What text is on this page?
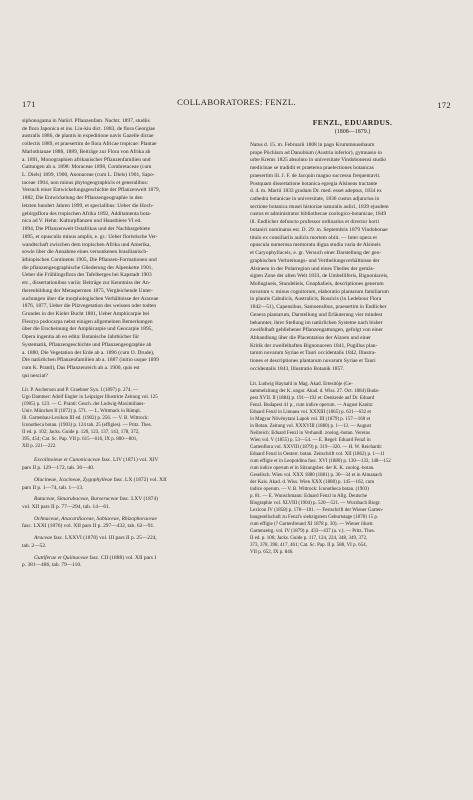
171	COLLABORATORES: FENZL.	172
siphonogama in Natürl. Pflanzenfam. Nachtr. 1897, studiis
de flora Japonica et ins. Liu-kiu dict. 1883, de flora Georgiae
australis 1886, de plantis in expeditione navis Gazelle dictae
collectis 1889, et praesertim de flora Africae tropicae: Plantae
Marlothianae 1888, 1889, Beiträge zur Flora von Afrika ab
a. 1891, Monographien afrikanischer Pflanzenfamilien und
Gattungen ab a. 1898: Moraceae 1898, Combretaceae (cum
L. Diels) 1899, 1900, Anonaceae (cum L. Diels) 1901, Sapo-
taceae 1904, non minus phytogeographicis et generalibus:
Versuch einer Entwickelungsgeschichte der Pflanzenwelt 1879,
1882, Die Entwickelung der Pflanzengeographie in den
letzten hundert Jahren 1899, et specialibus: Ueber die Hoch-
gebirgsflora des tropischen Afrika 1892, Additamenta bota-
nica ad V. Hehn: Kulturpflanzen und Hausthiere VI ed.
1894, Die Pflanzenwelt Ostafrikas und der Nachbargebiete
1895, et opusculis minus amplis, e. gr.: Ueber floristische Ver-
wandtschaft zwischen dem tropischen Afrika und Amerika,
sowie über die Annahme eines versunkenen brasilianisch-
äthiopischen Continents 1905, Die Pflanzen-Formationen und
die pflanzengeographische Gliederung der Alpenkette 1901,
Ueber die Frühlingsflora des Tafelberges bei Kapstadt 1903
etc., dissertationibus variis: Beiträge zur Kenntniss der An-
therenbildung der Metaspermen 1875, Vergleichende Unter-
suchungen über die morphologischen Verhältnisse der Araceae
1876, 1877, Ueber die Pilzvegetation des weissen oder todten
Grundes in der Kieler Bucht 1881, Ueber Amphicarpie bei
Fleurya podocarpa nebst einigen allgemeinen Bemerkungen
über die Erscheinung der Amphicarpie und Geocarpie 1895,
Opera ingentia ab eo edita: Botanische Jahrbücher für
Systematik, Pflanzengeschichte und Pflanzengeographie ab
a. 1880, Die Vegetation der Erde ab a. 1896 (cum O. Drude),
Die natürlichen Pflanzenfamilien ab a. 1887 (initio usque 1899
cum K. Prantl), Das Pflanzenreich ab a. 1900, quis est
qui nesciat?
Lit. P. Ascherson and P. Graebner Syn. I (1897) p. 274. —
Ugo Dammer: Adolf Engler in Leipziger Illustrirte Zeitung vol. 125
(1905) p. 123. — C. Prantl: Gesch. der Ludwig-Maximilians-
Univ. München II (1872) p. 571. — L. Wittmack in Rümpl.
Ill. Gartenbau-Lexikon III ed. (1902) p. 256. — V. B. Wittrock:
Iconotheca botan. (1903) p. 124 tab. 25 (effigies). — Pritz. Thes.
II ed. p. 102; Jacks. Guide p. 120, 123, 137, 143, 178, 372,
395, 454; Cat. Sc. Pap. VII p. 615—616, IX p. 800—801,
XII p. 221—222.
Excolinoieae et Cunonicaceae fasc. LIV (1871) vol. XIV
pars II p. 129—172, tab. 36—40.
Olacineae, Icacineae, Zygophylleae fasc. LX (1872) vol. XII
pars II p. 1—74, tab. 1—13.
Rutaceae, Simarubaceae, Burseraceae fasc. LXV (1874)
vol. XII pars II p. 77—294, tab. 14—61.
Ochnaceae, Anacardiaceae, Sabiaceae, Rhizophoraceae
fasc. LXXI (1876) vol. XII pars II p. 297—432, tab. 62—91.
Araceae fasc. LXXVI (1878) vol. III pars II p. 25—224,
tab. 2—52.
Guttiferae et Quiinaceae fasc. CII (1888) vol. XII pars I
p. 381—486, tab. 79—110.
FENZL, EDUARDUS.
(1808—1879.)
Natus d. 15. m. Februarii 1808 in pago Krummnussbaum
prope Pöchlarn ad Danubium (Austria inferior), gymnasio in
urbe Krems 1825 absoluto in universitate Vindobonensi studio
medicinae se tradidit et praeterea praelectiones botanicas
praesertim ill. J. F. de Jacquin magno successu frequentavit.
Postquam dissertatione botanica egregia Alsineas tractante
d. 4. m. Martii 1833 gradum Dr. med. esset adeptus, 1834 ex
cathedra botanicae in universitate, 1836 custos adjunctus in
sectione botanica musei historiae naturalis aulici, 1839 ejusdem
custos et administrator bibliothecae zoologico-botanicae, 1849
ill. Endlicher defuncto professor ordinarius et director horti
botanici nominatus est. D. 29. m. Septembris 1879 Vindobonae
titulo ex consiliariis aulicis mortem obiit. — Inter opera et
opuscula numerosa memoratu digna studia varia de Alsineis
et Caryophyllaceis, e. gr. Versuch einer Darstellung der geo-
graphischen Verbreitungs- und Vertheilungsverhältnisse der
Alsineen in der Polarregion und eines Theiles der gemäs-
sigten Zone der alten Welt 1833, de Umbelliferis, Bignoniaceis,
Molluginеis, Stundeliеis, Gnaphalieis, descriptiones generum
novarum v. minus cognitorum, elaboratio plantarum familiarum
in plantis Cabulicis, Australicis, Rossicis (in Ledebour Flora
1842—51), Capensibus, Samoensibus, praesertim in Endlicher
Genera plantarum, Darstellung und Erläuterung vier mindest
bekannter, ihrer Stellung im natürlichen Systeme nach bisher
zweifelhaft gebliebener Pflanzengattungen, gefolgt von einer
Abhandlung über die Placentation der Aïzoen und einer
Kritik der zweifelhaften Bignonaceen 1841, Pugillus plan-
tarum novarum Syriae et Tauri occidentalis 1842, Illustra-
tiones et descriptiones plantarum novarum Syriae et Tauri
occidentalis 1843, Illustratio Botanik 1857.
Lit. Ludwig Haynald in Mag. Akad. Ertesitöje (Ge-
sammelzitung der K. ungar. Akad. d. Wiss. 27. Oct. 1884) Buda-
pest XVII. II (1884) p. 191—192 et: Denkrede auf Dr. Eduard
Fenzl. Budapest 41 p., cum indice operum. — August Kanitz:
Eduard Fenzl in Linnaea vol. XXXIII (1865) p. 631—632 et
in Magyar Növénytani Lapok vol. III (1879) p. 157—160 et
in Botan. Zeitung vol. XXXVIII (1880) p. 1—13. — August
Neilreich: Eduard Fenzl in Verhandl. zoolog.-botan. Vereins
Wien vol. V (1855) p. 53—54. — E. Regel: Eduard Fenzl in
Gartenflora vol. XXVIII (1879) p. 319—320. — H. W. Reichardt:
Eduard Fenzl in Oesterr. botan. Zeitschrift vol. XII (1862) p. 1—11
cum effigie et in Leopoldina fasc. XVI (1880) p. 130—133, 148—152
cum indice operum et in Sitzungsber. der K. K. zoolog.-botan.
Gesellsch. Wien vol. XXX 1880 (1881) p. 30—34 et in Almanach
der Kais. Akad. d. Wiss. Wien XXX (1880) p. 145—162, cum
indice operum. — V. B. Wittrock: Iconotheca botan. (1903)
p. 81. — E. Wunschmann: Eduard Fenzl in Allg. Deutsche
Biographie vol. XLVIII (1904) p. 520—521. — Wurzbach Biogr.
Lexicon IV (1858) p. 178—181. — Festschrift der Wiener Garten-
baugesellschaft zu Fenzl's siebzigstem Geburtstage (1878) 15 p.
cum effigie (? Gartenfreund XI 1878 p. 30). — Wiener illustr.
Gartenzeitg. vol. IV (1879) p. 433—437 (a. v.). — Pritz. Thes.
II ed. p. 106; Jacks. Guide p. 117, 124, 224, 348, 349, 372,
373, 378, 398, 417, 461; Cat. Sc. Pap. II p. 588, VI p. 654,
VII p. 652, IX p. 846.
